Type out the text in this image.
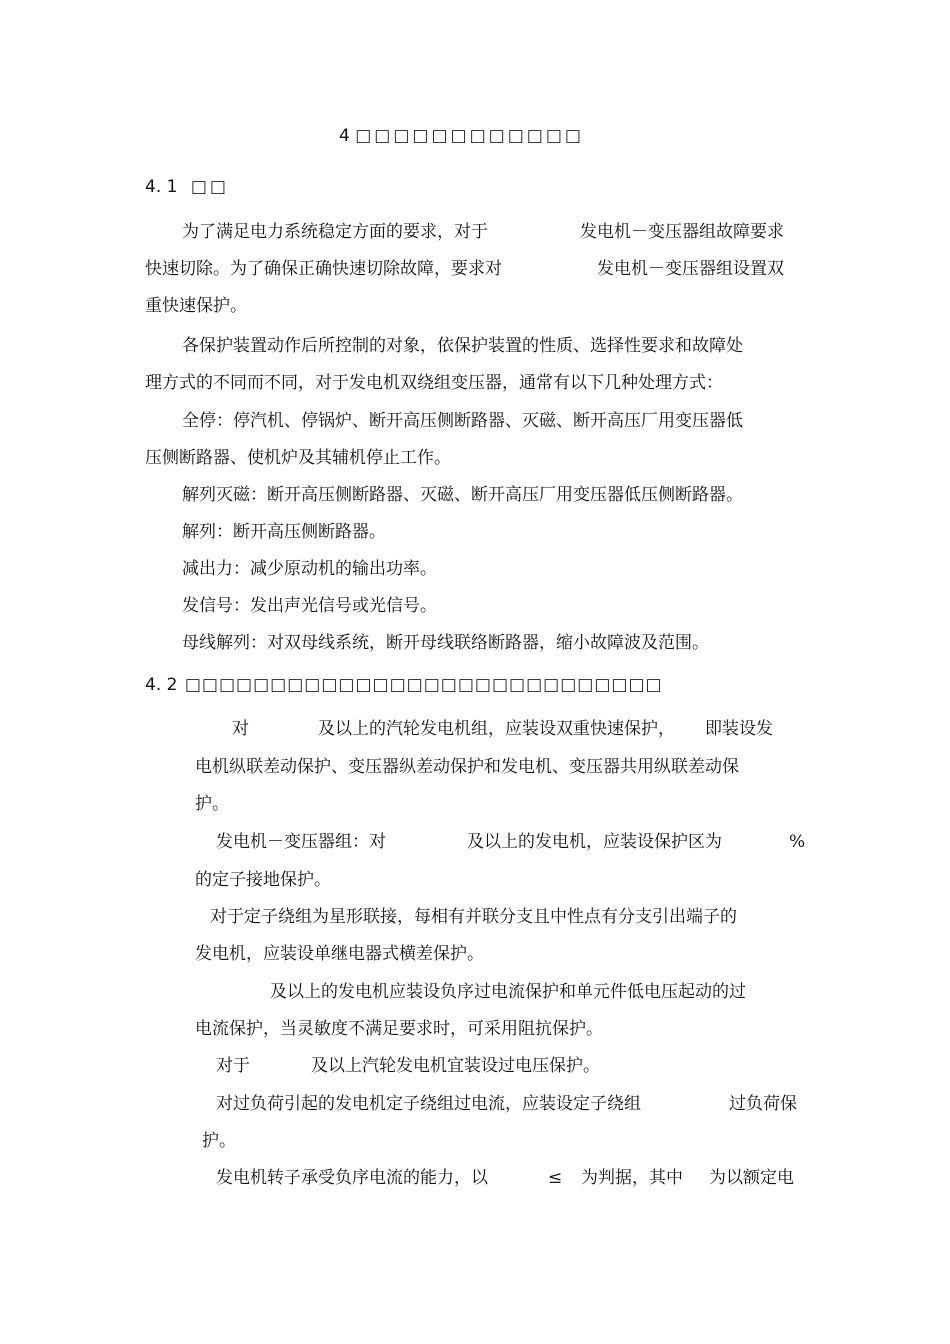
4 □□□□□□□□□□□□
4. 1 □□
为了满足电力系统稳定方面的要求，对于	发电机－变压器组故障要求
快速切除。为了确保正确快速切除故障，要求对	发电机－变压器组设置双
重快速保护。
各保护装置动作后所控制的对象，依保护装置的性质、选择性要求和故障处
理方式的不同而不同，对于发电机双绕组变压器，通常有以下几种处理方式：
全停：停汽机、停锅炉、断开高压侧断路器、灭磁、断开高压厂用变压器低
压侧断路器、使机炉及其辅机停止工作。
解列灭磁：断开高压侧断路器、灭磁、断开高压厂用变压器低压侧断路器。
解列：断开高压侧断路器。
减出力：减少原动机的输出功率。
发信号：发出声光信号或光信号。
母线解列：对双母线系统，断开母线联络断路器，缩小故障波及范围。
4. 2 □□□□□□□□□□□□□□□□□□□□□□□□□□□□
对	及以上的汽轮发电机组，应装设双重快速保护， 即装设发
电机纵联差动保护、变压器纵差动保护和发电机、变压器共用纵联差动保
护。
发电机－变压器组：对	及以上的发电机，应装设保护区为	%
的定子接地保护。
对于定子绕组为星形联接，每相有并联分支且中性点有分支引出端子的
发电机，应装设单继电器式横差保护。
及以上的发电机应装设负序过电流保护和单元件低电压起动的过
电流保护，当灵敏度不满足要求时，可采用阻抗保护。
对于	及以上汽轮发电机宜装设过电压保护。
对过负荷引起的发电机定子绕组过电流，应装设定子绕组	过负荷保
护。
发电机转子承受负序电流的能力，以	≤ 为判据，其中 为以额定电
